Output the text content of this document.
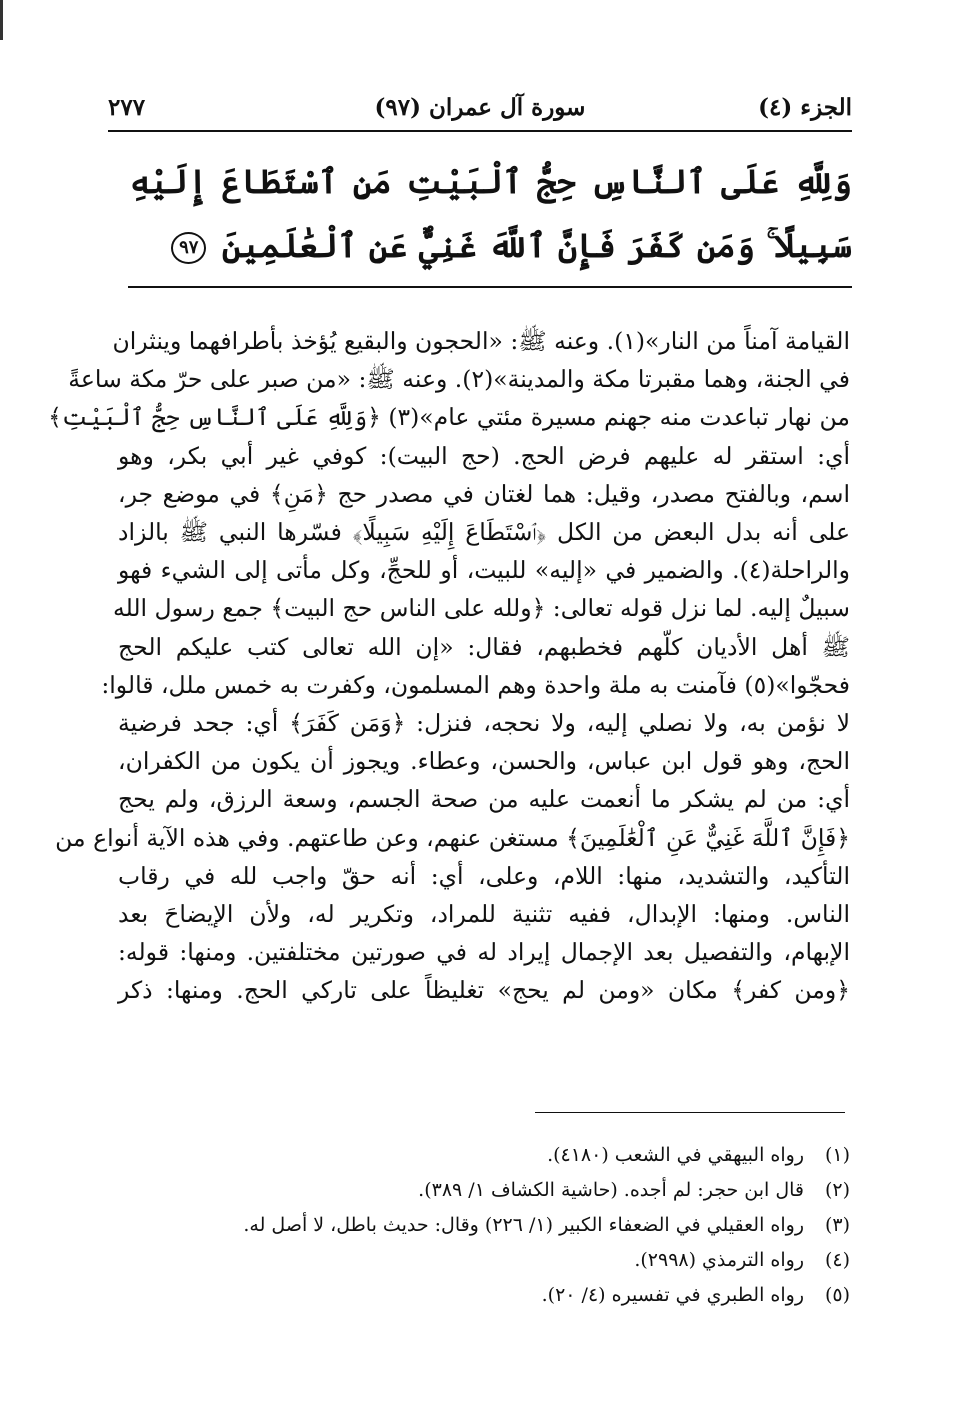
الجزء (٤)
سورة آل عمران (٩٧)
٢٧٧
وَلِلَّهِ عَلَى ٱلنَّاسِ حِجُّ ٱلْبَيْتِ مَنِ ٱسْتَطَاعَ إِلَيْهِ سَبِيلًا ۚ وَمَن كَفَرَ فَإِنَّ ٱللَّهَ غَنِيٌّ عَنِ ٱلْعَٰلَمِينَ ٩٧

القيامة آمناً من النار»(١). وعنه ﷺ: «الحجون والبقيع يُؤخذ بأطرافهما وينثران

في الجنة، وهما مقبرتا مكة والمدينة»(٢). وعنه ﷺ: «من صبر على حرّ مكة ساعةً

من نهار تباعدت منه جهنم مسيرة مئتي عام»(٣) ﴿وَلِلَّهِ عَلَى ٱلنَّاسِ حِجُّ ٱلْبَيْتِ﴾

أي: استقر له عليهم فرض الحج. (حج البيت): كوفي غير أبي بكر، وهو

اسم، وبالفتح مصدر، وقيل: هما لغتان في مصدر حج ﴿مَنِ﴾ في موضع جر،

على أنه بدل البعض من الكل ﴿ٱسْتَطَاعَ إِلَيْهِ سَبِيلًا﴾ فسّرها النبي ﷺ بالزاد

والراحلة(٤). والضمير في «إليه» للبيت، أو للحجِّ، وكل مأتى إلى الشيء فهو

سبيلٌ إليه. لما نزل قوله تعالى: ﴿ولله على الناس حج البيت﴾ جمع رسول الله

ﷺ أهل الأديان كلّهم فخطبهم، فقال: «إن الله تعالى كتب عليكم الحج

فحجّوا»(٥) فآمنت به ملة واحدة وهم المسلمون، وكفرت به خمس ملل، قالوا:

لا نؤمن به، ولا نصلي إليه، ولا نحجه، فنزل: ﴿وَمَن كَفَرَ﴾ أي: جحد فرضية

الحج، وهو قول ابن عباس، والحسن، وعطاء. ويجوز أن يكون من الكفران،

أي: من لم يشكر ما أنعمت عليه من صحة الجسم، وسعة الرزق، ولم يحج

﴿فَإِنَّ ٱللَّهَ غَنِيٌّ عَنِ ٱلْعَٰلَمِينَ﴾ مستغن عنهم، وعن طاعتهم. وفي هذه الآية أنواع من

التأكيد، والتشديد، منها: اللام، وعلى، أي: أنه حقّ واجب لله في رقاب

الناس. ومنها: الإبدال، ففيه تثنية للمراد، وتكرير له، ولأن الإيضاحَ بعد

الإبهام، والتفصيل بعد الإجمال إيراد له في صورتين مختلفتين. ومنها: قوله:

﴿ومن كفر﴾ مكان «ومن لم يحج» تغليظاً على تاركي الحج. ومنها: ذكر

(١)رواه البيهقي في الشعب (٤١٨٠).
(٢)قال ابن حجر: لم أجده. (حاشية الكشاف ١/ ٣٨٩).
(٣)رواه العقيلي في الضعفاء الكبير (١/ ٢٢٦) وقال: حديث باطل، لا أصل له.
(٤)رواه الترمذي (٢٩٩٨).
(٥)رواه الطبري في تفسيره (٤/ ٢٠).
